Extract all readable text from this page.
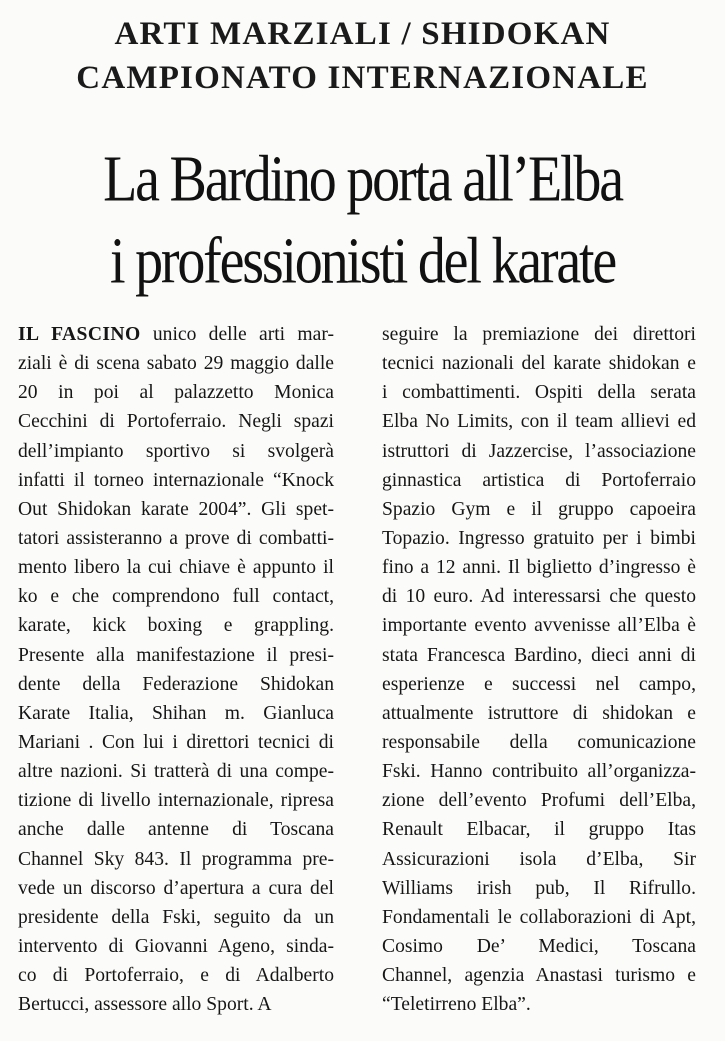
ARTI MARZIALI / SHIDOKAN
CAMPIONATO INTERNAZIONALE
La Bardino porta all’Elba
i professionisti del karate
IL FASCINO unico delle arti mar-
ziali è di scena sabato 29 maggio dalle
20 in poi al palazzetto Monica
Cecchini di Portoferraio. Negli spazi
dell’impianto sportivo si svolgerà
infatti il torneo internazionale “Knock
Out Shidokan karate 2004”. Gli spet-
tatori assisteranno a prove di combatti-
mento libero la cui chiave è appunto il
ko e che comprendono full contact,
karate, kick boxing e grappling.
Presente alla manifestazione il presi-
dente della Federazione Shidokan
Karate Italia, Shihan m. Gianluca
Mariani . Con lui i direttori tecnici di
altre nazioni. Si tratterà di una compe-
tizione di livello internazionale, ripresa
anche dalle antenne di Toscana
Channel Sky 843. Il programma pre-
vede un discorso d’apertura a cura del
presidente della Fski, seguito da un
intervento di Giovanni Ageno, sinda-
co di Portoferraio, e di Adalberto
Bertucci, assessore allo Sport. A
seguire la premiazione dei direttori
tecnici nazionali del karate shidokan e
i combattimenti. Ospiti della serata
Elba No Limits, con il team allievi ed
istruttori di Jazzercise, l’associazione
ginnastica artistica di Portoferraio
Spazio Gym e il gruppo capoeira
Topazio. Ingresso gratuito per i bimbi
fino a 12 anni. Il biglietto d’ingresso è
di 10 euro. Ad interessarsi che questo
importante evento avvenisse all’Elba è
stata Francesca Bardino, dieci anni di
esperienze e successi nel campo,
attualmente istruttore di shidokan e
responsabile della comunicazione
Fski. Hanno contribuito all’organizza-
zione dell’evento Profumi dell’Elba,
Renault Elbacar, il gruppo Itas
Assicurazioni isola d’Elba, Sir
Williams irish pub, Il Rifrullo.
Fondamentali le collaborazioni di Apt,
Cosimo De’ Medici, Toscana
Channel, agenzia Anastasi turismo e
“Teletirreno Elba”.
